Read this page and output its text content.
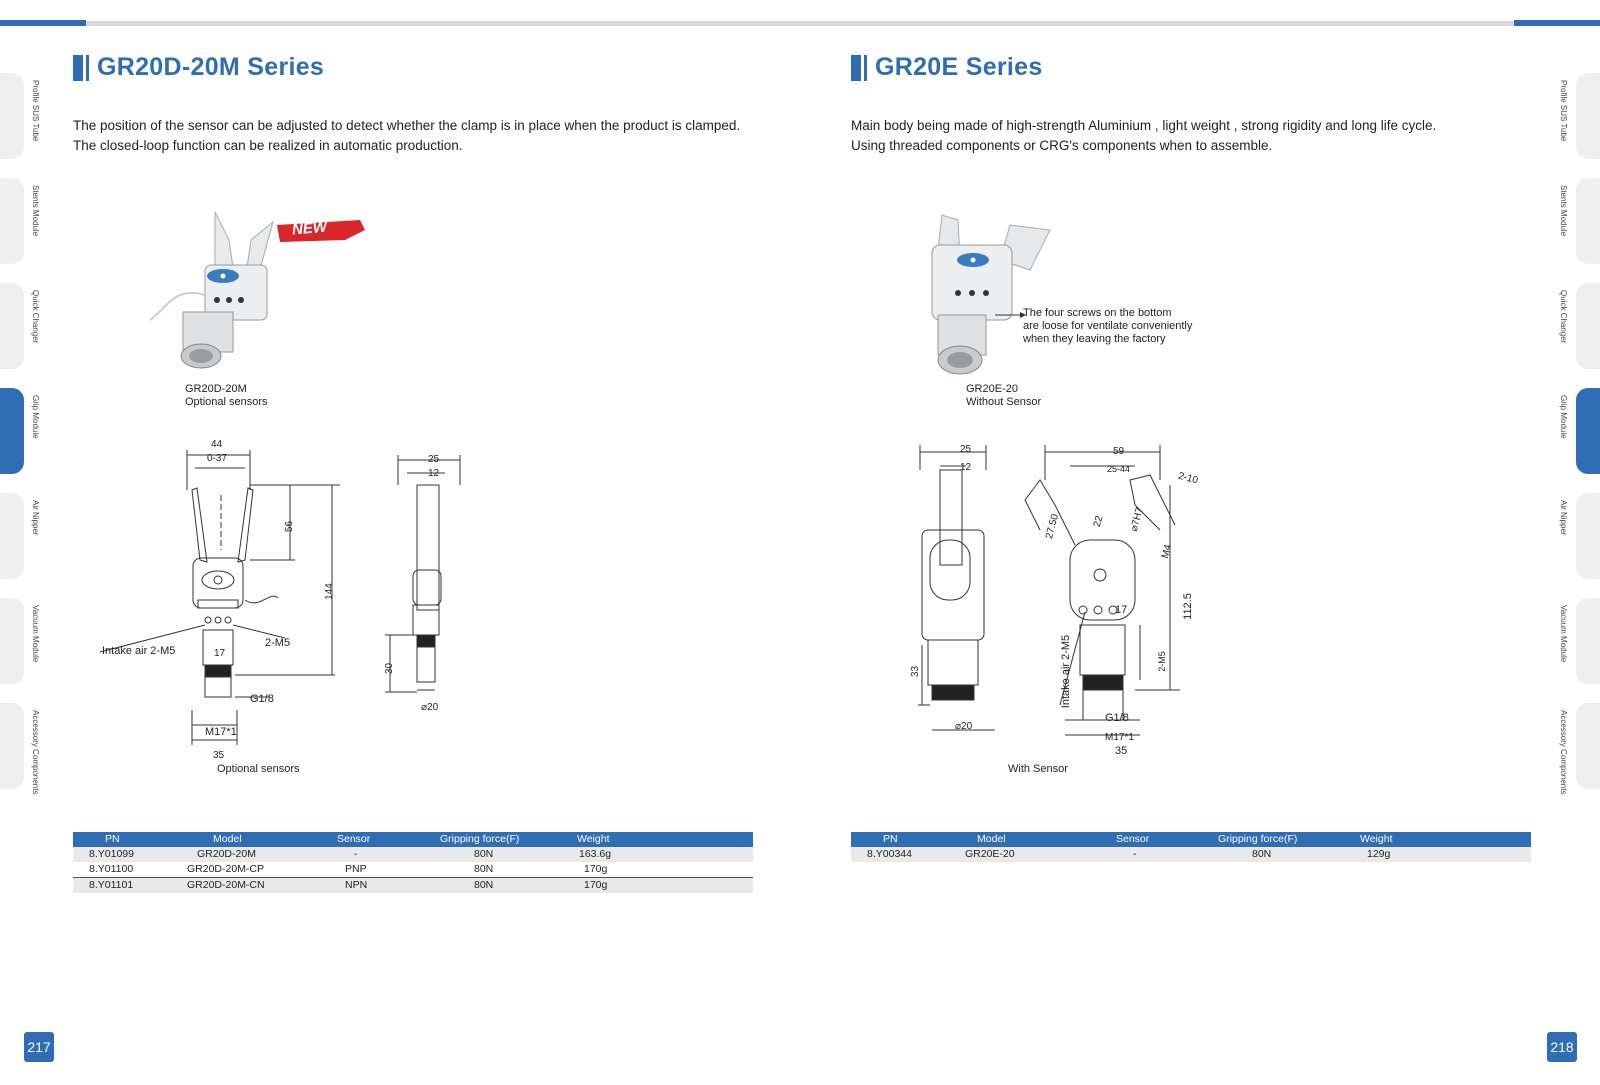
Profile SUS Tube
Stents Module
Quick Changer
Grip Module
Air Nipper
Vacuum Module
Accessory Components
Profile SUS Tube
Stents Module
Quick Changer
Grip Module
Air Nipper
Vacuum Module
Accessory Components
GR20D-20M Series
The position of the sensor can be adjusted to detect whether the clamp is in place when the product is clamped.
The closed-loop function can be realized in automatic production.
NEW
GR20D-20M
Optional sensors
44
0-37
56
144
17
Intake air 2-M5
2-M5
G1/8
M17*1
35
25
12
30
⌀20
Optional sensors
PN	Model	Sensor	Gripping force(F)	Weight
8.Y01099	GR20D-20M	-	80N	163.6g
8.Y01100	GR20D-20M-CP	PNP	80N	170g
8.Y01101	GR20D-20M-CN	NPN	80N	170g
217
GR20E Series
Main body being made of high-strength Aluminium , light weight , strong rigidity and long life cycle.
Using threaded components or CRG's components when to assemble.
The four screws on the bottom
are loose for ventilate conveniently
when they leaving the factory
GR20E-20
Without Sensor
25
12
33
⌀20
59
25-44
2-10
27.50	22 ⌀7H7
M4
112.5
17
2-M5
Intake air 2-M5
G1/8
M17*1
35
With Sensor
PN	Model	Sensor	Gripping force(F)	Weight
8.Y00344	GR20E-20	-	80N	129g
218
